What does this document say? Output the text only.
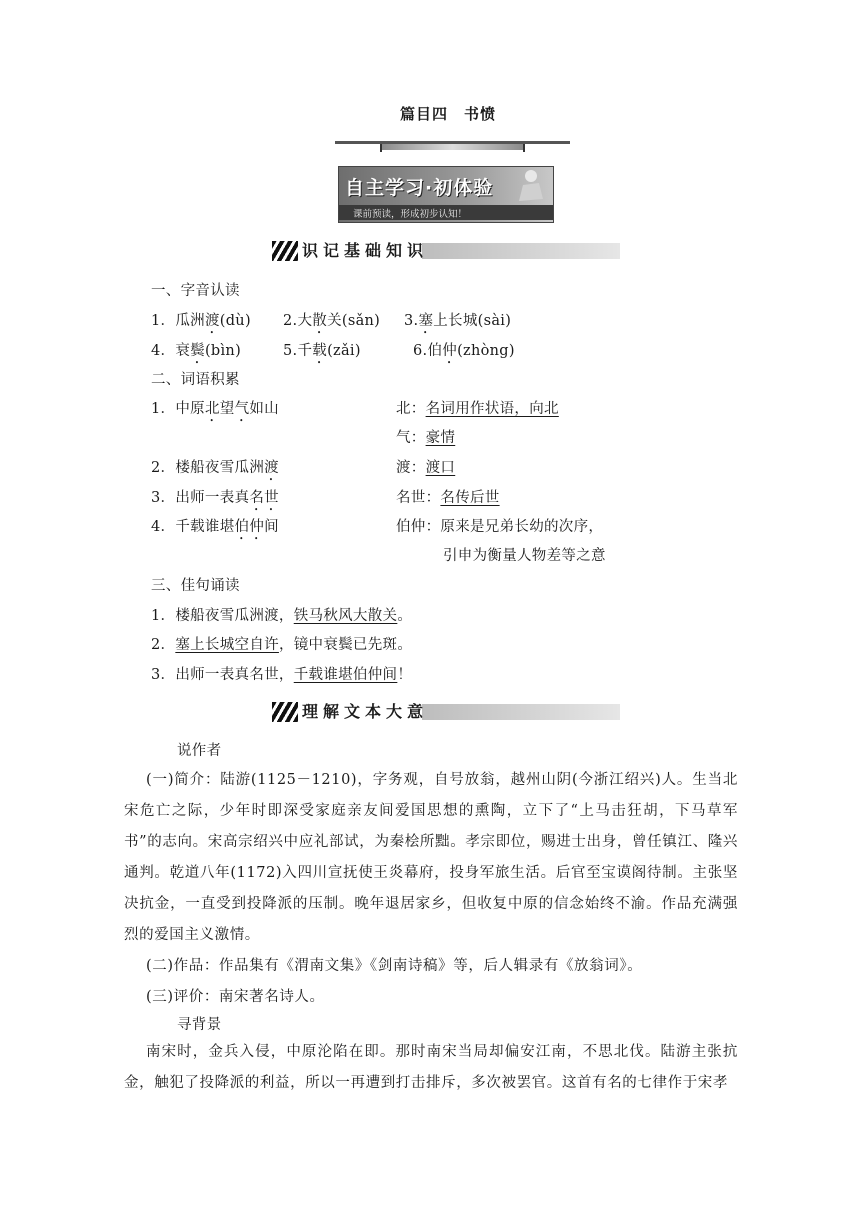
篇目四　书愤
自主学习·初体验
课前预读，形成初步认知！
识记基础知识
一、字音认读
1．瓜洲渡(dù) 2.大散关(sǎn) 3.塞上长城(sài)
4．衰鬓(bìn)	5.千载(zǎi)	6.伯仲(zhòng)
二、词语积累
1．中原北望气如山	北：名词用作状语，向北
气：豪情
2．楼船夜雪瓜洲渡	渡：渡口
3．出师一表真名世	名世：名传后世
4．千载谁堪伯仲间	伯仲：原来是兄弟长幼的次序，
引申为衡量人物差等之意
三、佳句诵读
1．楼船夜雪瓜洲渡，铁马秋风大散关。
2．塞上长城空自许，镜中衰鬓已先斑。
3．出师一表真名世，千载谁堪伯仲间！
理解文本大意
说作者
(一)简介：陆游(1125－1210)，字务观，自号放翁，越州山阴(今浙江绍兴)人。生当北宋危亡之际，少年时即深受家庭亲友间爱国思想的熏陶，立下了“上马击狂胡，下马草军书”的志向。宋高宗绍兴中应礼部试，为秦桧所黜。孝宗即位，赐进士出身，曾任镇江、隆兴通判。乾道八年(1172)入四川宣抚使王炎幕府，投身军旅生活。后官至宝谟阁待制。主张坚决抗金，一直受到投降派的压制。晚年退居家乡，但收复中原的信念始终不渝。作品充满强烈的爱国主义激情。
(二)作品：作品集有《渭南文集》《剑南诗稿》等，后人辑录有《放翁词》。
(三)评价：南宋著名诗人。
寻背景
南宋时，金兵入侵，中原沦陷在即。那时南宋当局却偏安江南，不思北伐。陆游主张抗金，触犯了投降派的利益，所以一再遭到打击排斥，多次被罢官。这首有名的七律作于宋孝
